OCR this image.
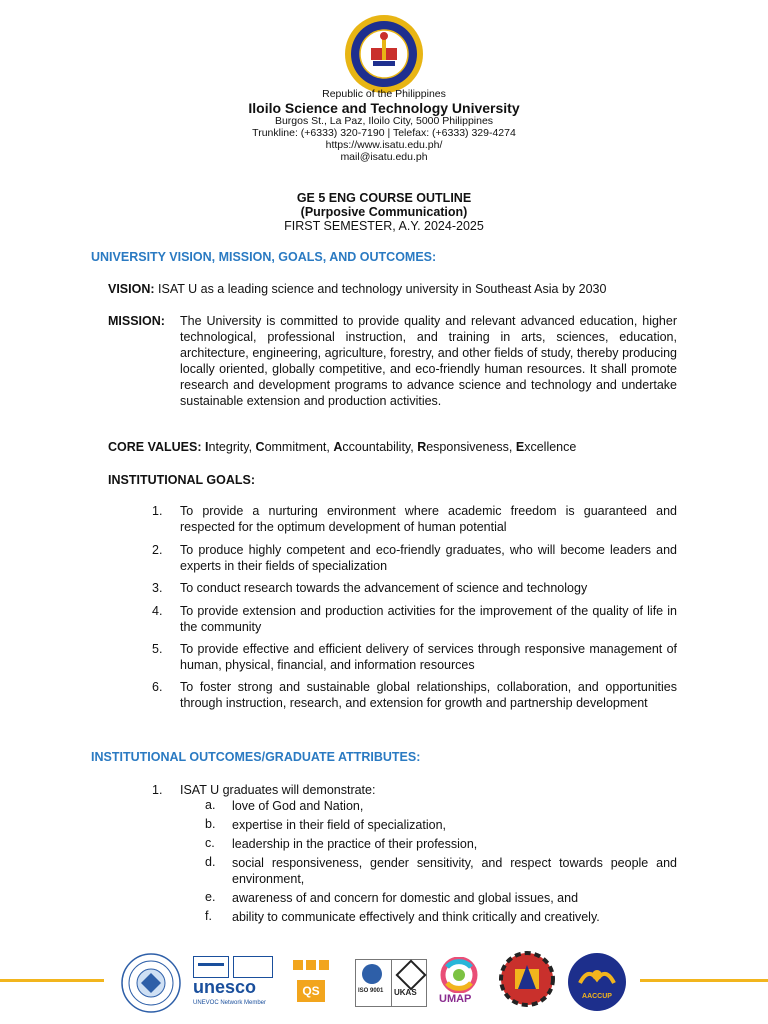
Republic of the Philippines
Iloilo Science and Technology University
Burgos St., La Paz, Iloilo City, 5000 Philippines
Trunkline: (+6333) 320-7190 | Telefax: (+6333) 329-4274
https://www.isatu.edu.ph/
mail@isatu.edu.ph
GE 5 ENG COURSE OUTLINE
(Purposive Communication)
FIRST SEMESTER, A.Y. 2024-2025
UNIVERSITY VISION, MISSION, GOALS, AND OUTCOMES:
VISION: ISAT U as a leading science and technology university in Southeast Asia by 2030
MISSION: The University is committed to provide quality and relevant advanced education, higher technological, professional instruction, and training in arts, sciences, education, architecture, engineering, agriculture, forestry, and other fields of study, thereby producing locally oriented, globally competitive, and eco-friendly human resources. It shall promote research and development programs to advance science and technology and undertake sustainable extension and production activities.
CORE VALUES: Integrity, Commitment, Accountability, Responsiveness, Excellence
INSTITUTIONAL GOALS:
1. To provide a nurturing environment where academic freedom is guaranteed and respected for the optimum development of human potential
2. To produce highly competent and eco-friendly graduates, who will become leaders and experts in their fields of specialization
3. To conduct research towards the advancement of science and technology
4. To provide extension and production activities for the improvement of the quality of life in the community
5. To provide effective and efficient delivery of services through responsive management of human, physical, financial, and information resources
6. To foster strong and sustainable global relationships, collaboration, and opportunities through instruction, research, and extension for growth and partnership development
INSTITUTIONAL OUTCOMES/GRADUATE ATTRIBUTES:
1. ISAT U graduates will demonstrate:
a. love of God and Nation,
b. expertise in their field of specialization,
c. leadership in the practice of their profession,
d. social responsiveness, gender sensitivity, and respect towards people and environment,
e. awareness of and concern for domestic and global issues, and
f. ability to communicate effectively and think critically and creatively.
unesco
UNEVOC Network Member
QS	ISO 9001 UKAS
UMAP	AACCUP
